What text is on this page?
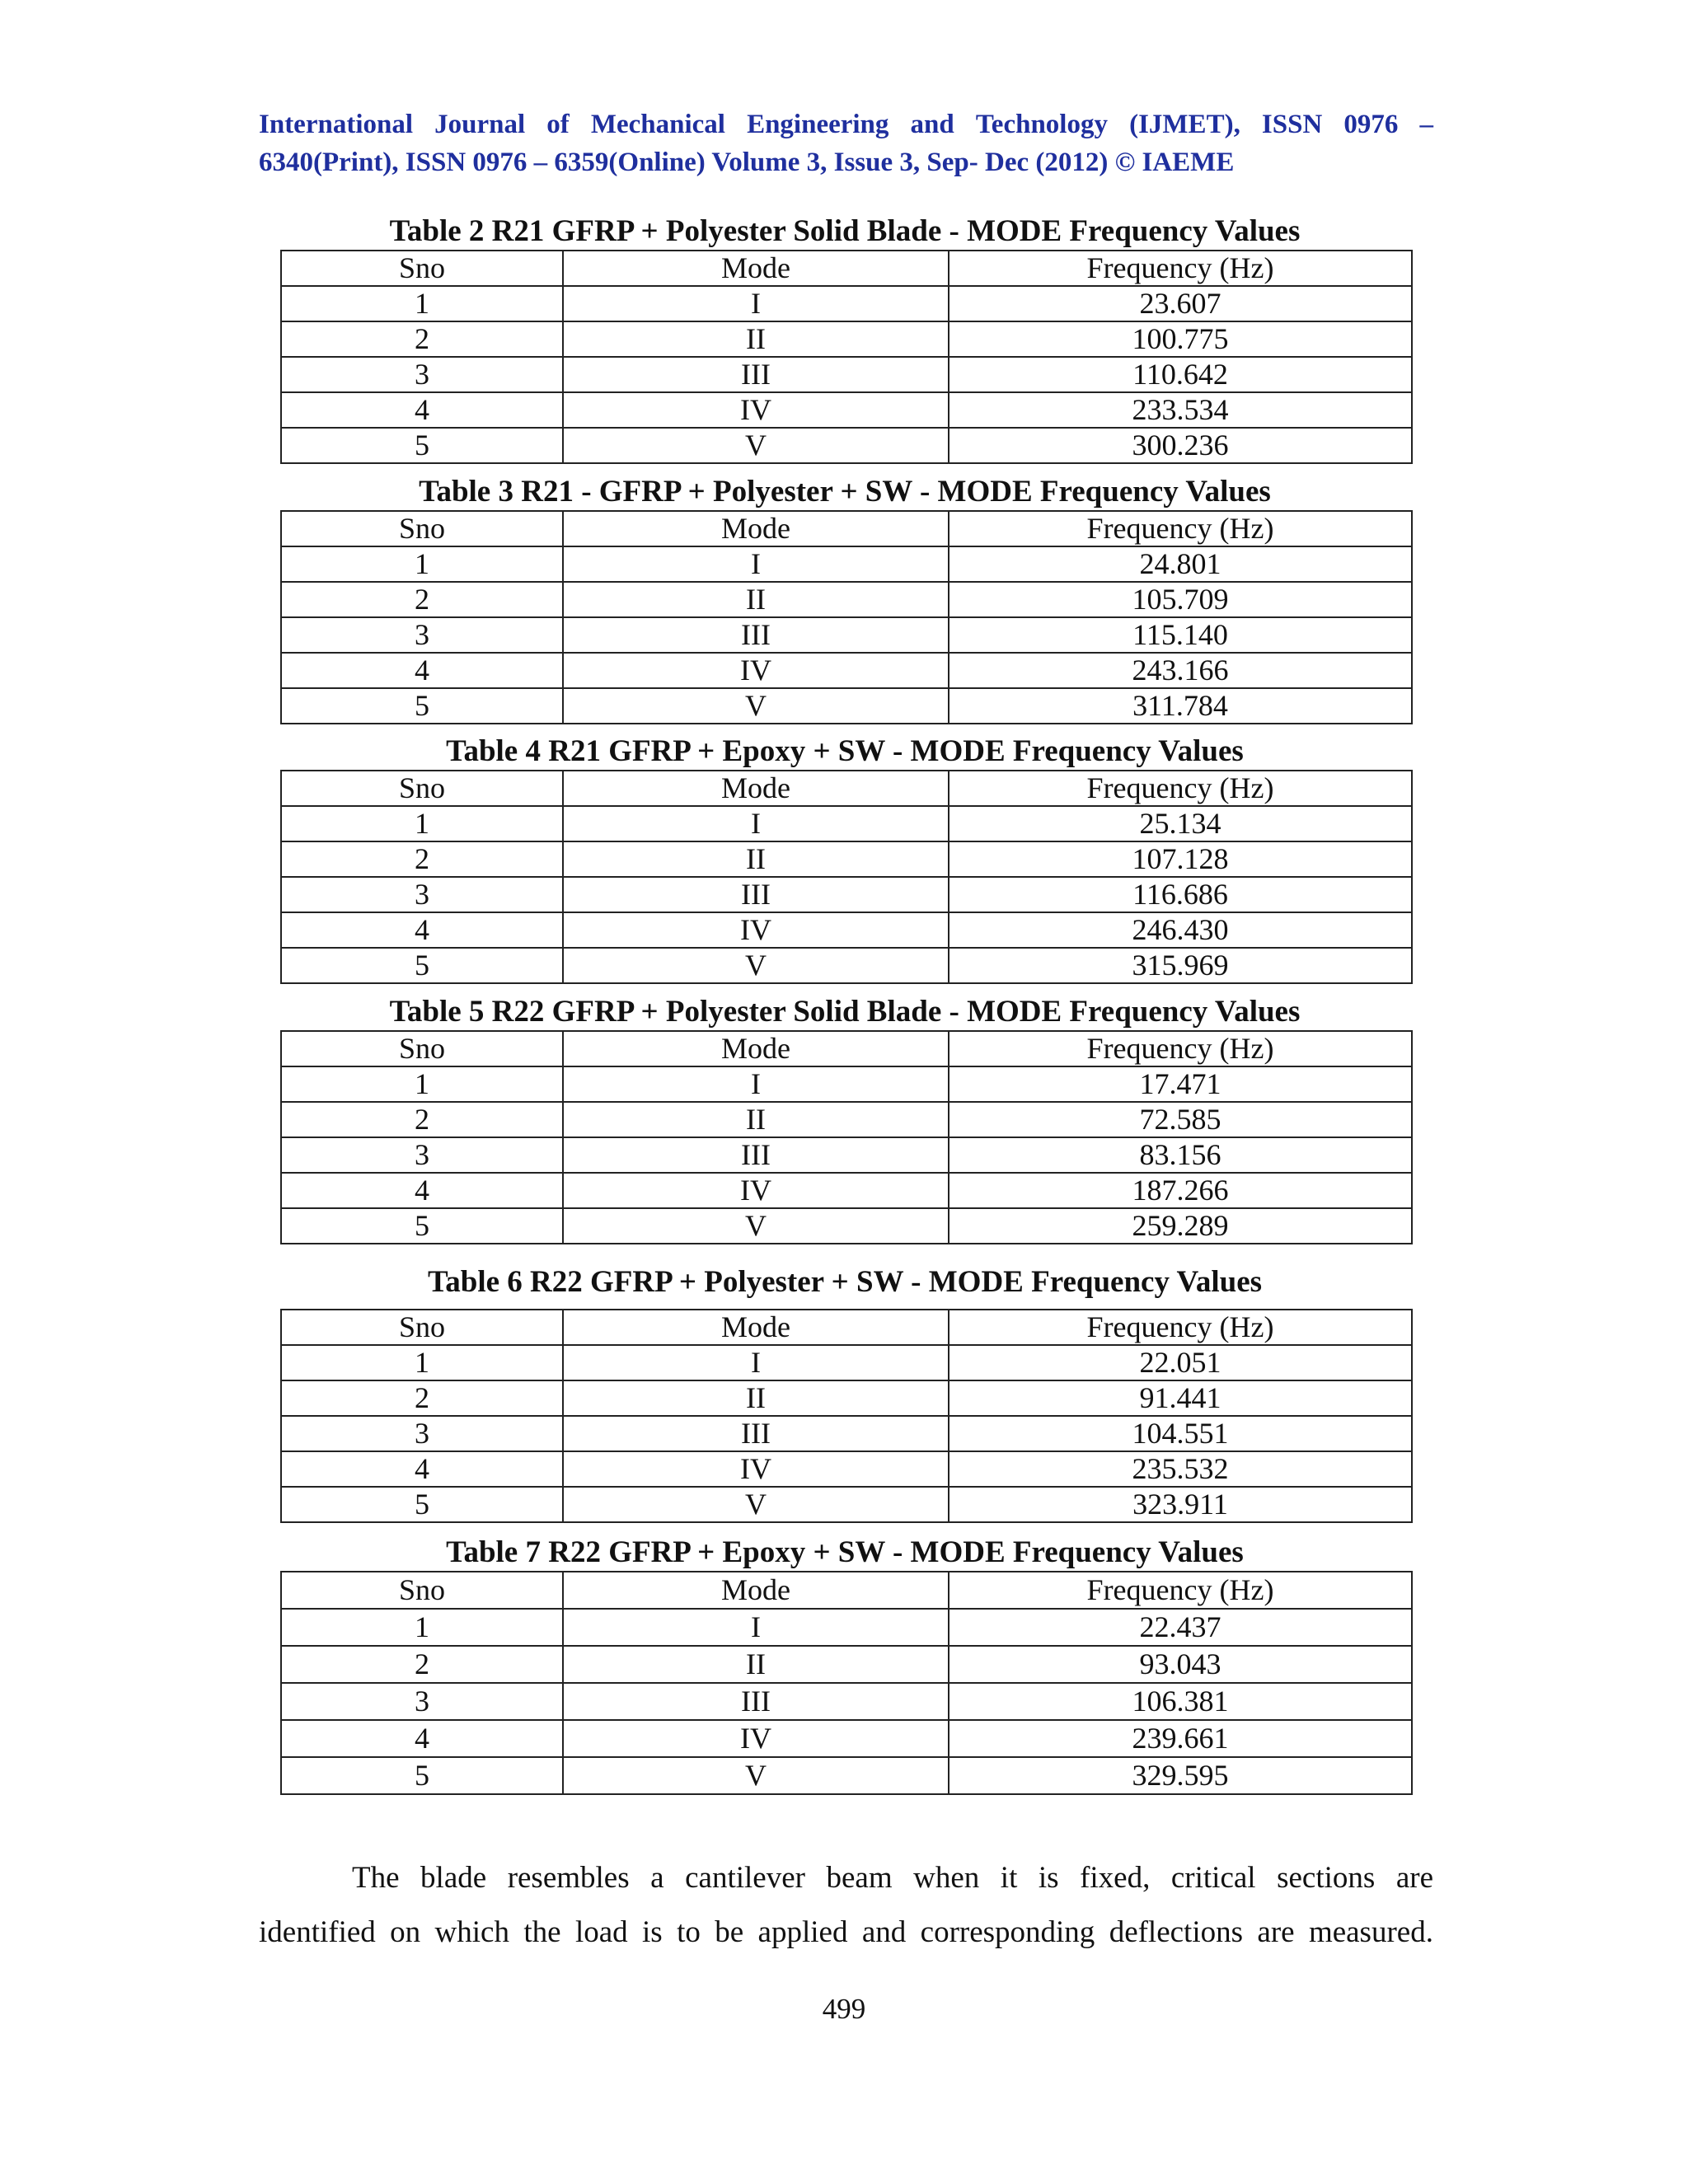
International Journal of Mechanical Engineering and Technology (IJMET), ISSN 0976 –
6340(Print), ISSN 0976 – 6359(Online) Volume 3, Issue 3, Sep- Dec (2012) © IAEME
Table 2 R21 GFRP + Polyester Solid Blade - MODE Frequency Values
Sno	Mode	Frequency (Hz)
1	I	23.607
2	II	100.775
3	III	110.642
4	IV	233.534
5	V	300.236
Table 3 R21 - GFRP + Polyester + SW - MODE Frequency Values
Sno	Mode	Frequency (Hz)
1	I	24.801
2	II	105.709
3	III	115.140
4	IV	243.166
5	V	311.784
Table 4 R21 GFRP + Epoxy + SW - MODE Frequency Values
Sno	Mode	Frequency (Hz)
1	I	25.134
2	II	107.128
3	III	116.686
4	IV	246.430
5	V	315.969
Table 5 R22 GFRP + Polyester Solid Blade - MODE Frequency Values
Sno	Mode	Frequency (Hz)
1	I	17.471
2	II	72.585
3	III	83.156
4	IV	187.266
5	V	259.289
Table 6 R22 GFRP + Polyester + SW - MODE Frequency Values
Sno	Mode	Frequency (Hz)
1	I	22.051
2	II	91.441
3	III	104.551
4	IV	235.532
5	V	323.911
Table 7 R22 GFRP + Epoxy + SW - MODE Frequency Values
Sno	Mode	Frequency (Hz)
1	I	22.437
2	II	93.043
3	III	106.381
4	IV	239.661
5	V	329.595
The blade resembles a cantilever beam when it is fixed, critical sections are
identified on which the load is to be applied and corresponding deflections are measured.
499
